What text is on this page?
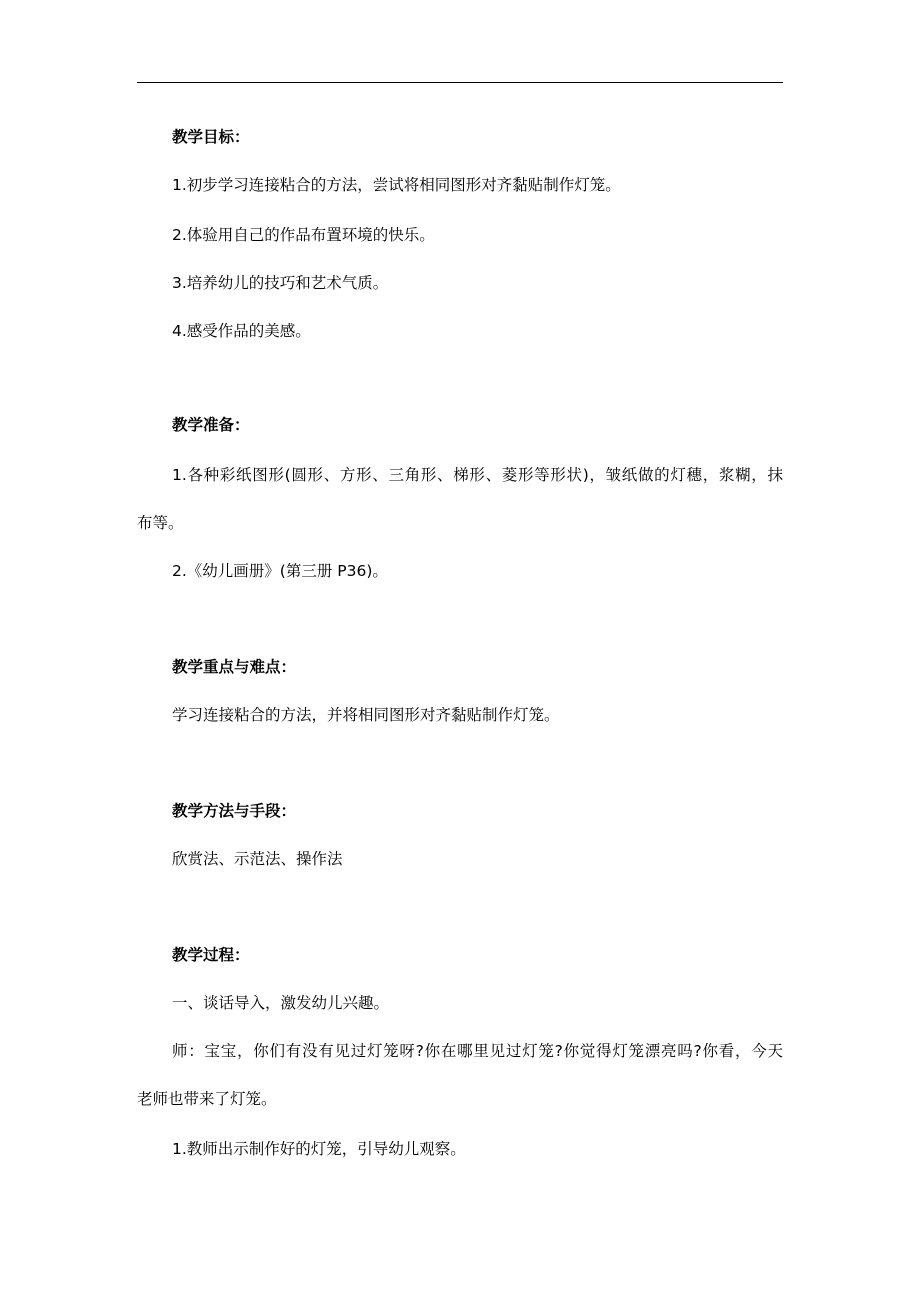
教学目标：
1.初步学习连接粘合的方法，尝试将相同图形对齐黏贴制作灯笼。
2.体验用自己的作品布置环境的快乐。
3.培养幼儿的技巧和艺术气质。
4.感受作品的美感。
教学准备：
1.各种彩纸图形(圆形、方形、三角形、梯形、菱形等形状)，皱纸做的灯穗，浆糊，抹
布等。
2.《幼儿画册》(第三册 P36)。
教学重点与难点：
学习连接粘合的方法，并将相同图形对齐黏贴制作灯笼。
教学方法与手段：
欣赏法、示范法、操作法
教学过程：
一、谈话导入，激发幼儿兴趣。
师：宝宝，你们有没有见过灯笼呀?你在哪里见过灯笼?你觉得灯笼漂亮吗?你看，今天
老师也带来了灯笼。
1.教师出示制作好的灯笼，引导幼儿观察。
